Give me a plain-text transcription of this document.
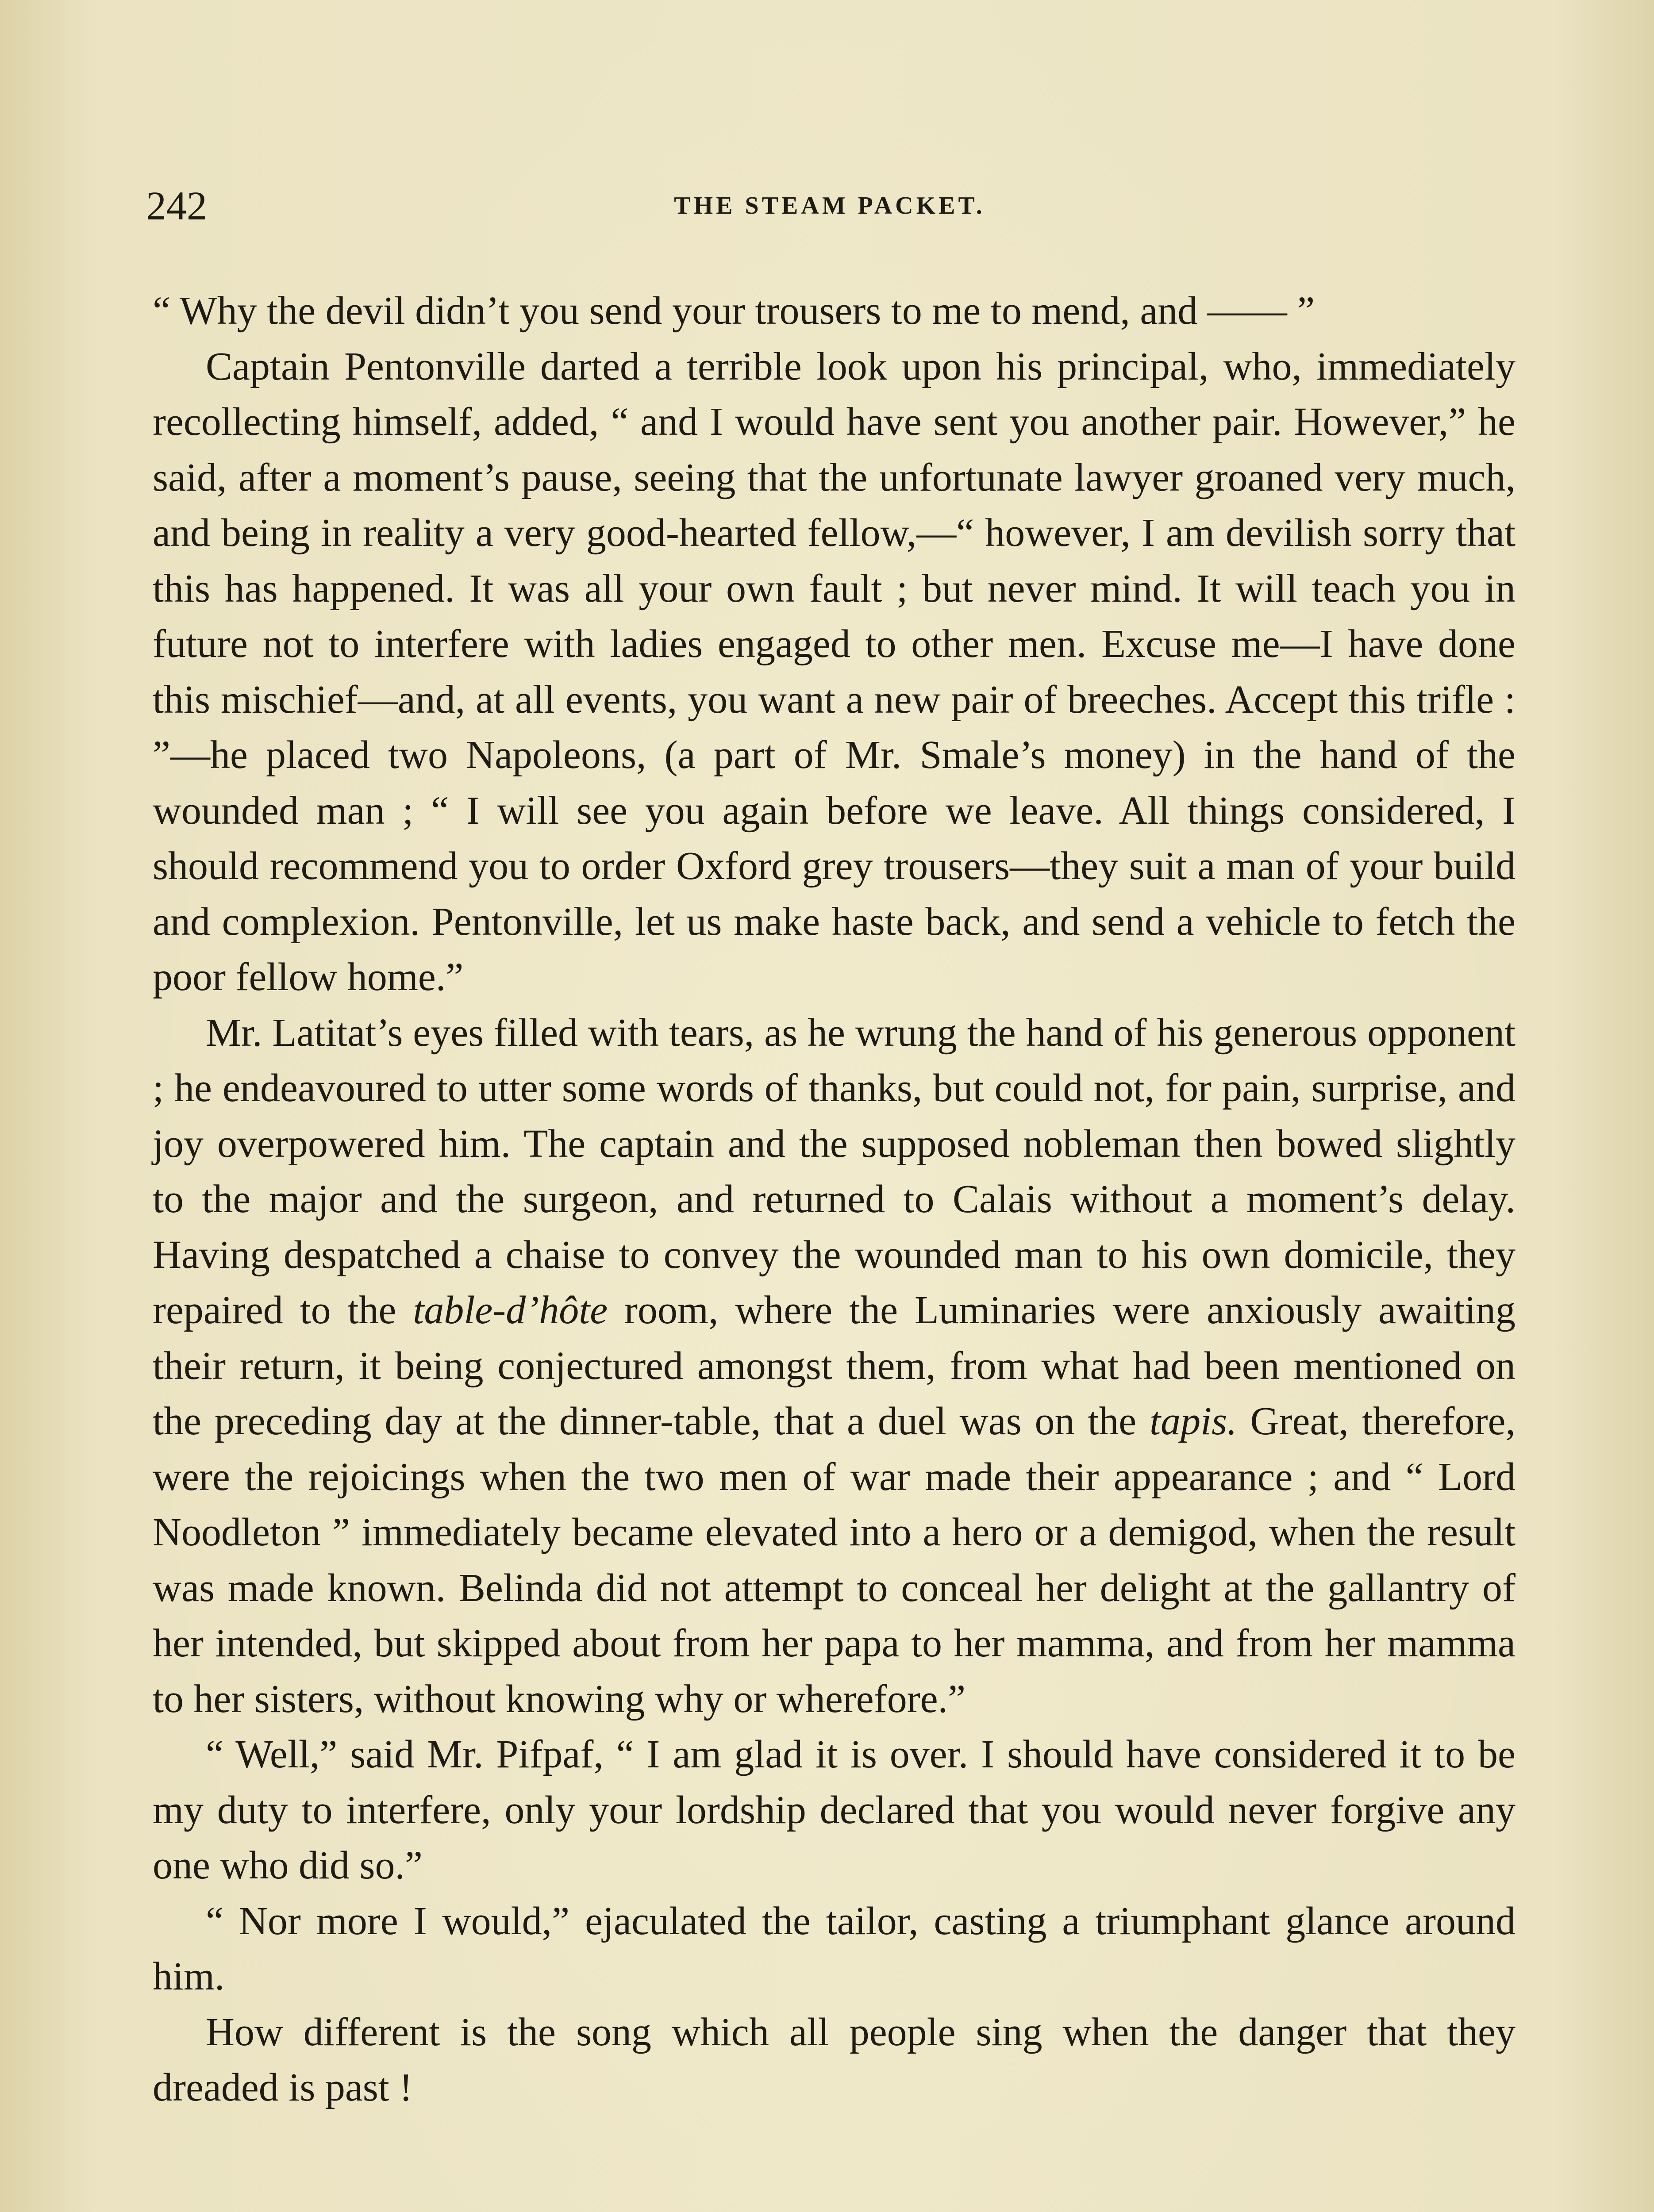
242	THE STEAM PACKET.

“ Why the devil didn’t you send your trousers to me to mend, and —— ”

Captain Pentonville darted a terrible look upon his principal, who, immediately recollecting himself, added, “ and I would have sent you another pair. However,” he said, after a moment’s pause, seeing that the unfortunate lawyer groaned very much, and being in reality a very good-hearted fellow,—“ however, I am devilish sorry that this has happened. It was all your own fault ; but never mind. It will teach you in future not to interfere with ladies engaged to other men. Excuse me—I have done this mischief—and, at all events, you want a new pair of breeches. Accept this trifle : ”—he placed two Napoleons, (a part of Mr. Smale’s money) in the hand of the wounded man ; “ I will see you again before we leave. All things considered, I should recommend you to order Oxford grey trousers—they suit a man of your build and complexion. Pentonville, let us make haste back, and send a vehicle to fetch the poor fellow home.”

Mr. Latitat’s eyes filled with tears, as he wrung the hand of his generous opponent ; he endeavoured to utter some words of thanks, but could not, for pain, surprise, and joy overpowered him. The captain and the supposed nobleman then bowed slightly to the major and the surgeon, and returned to Calais without a moment’s delay. Having despatched a chaise to convey the wounded man to his own domicile, they repaired to the table-d’hôte room, where the Luminaries were anxiously awaiting their return, it being conjectured amongst them, from what had been mentioned on the preceding day at the dinner-table, that a duel was on the tapis. Great, therefore, were the rejoicings when the two men of war made their appearance ; and “ Lord Noodleton ” immediately became elevated into a hero or a demigod, when the result was made known. Belinda did not attempt to conceal her delight at the gallantry of her intended, but skipped about from her papa to her mamma, and from her mamma to her sisters, without knowing why or wherefore.”

“ Well,” said Mr. Pifpaf, “ I am glad it is over. I should have considered it to be my duty to interfere, only your lordship declared that you would never forgive any one who did so.”

“ Nor more I would,” ejaculated the tailor, casting a triumphant glance around him.

How different is the song which all people sing when the danger that they dreaded is past !
